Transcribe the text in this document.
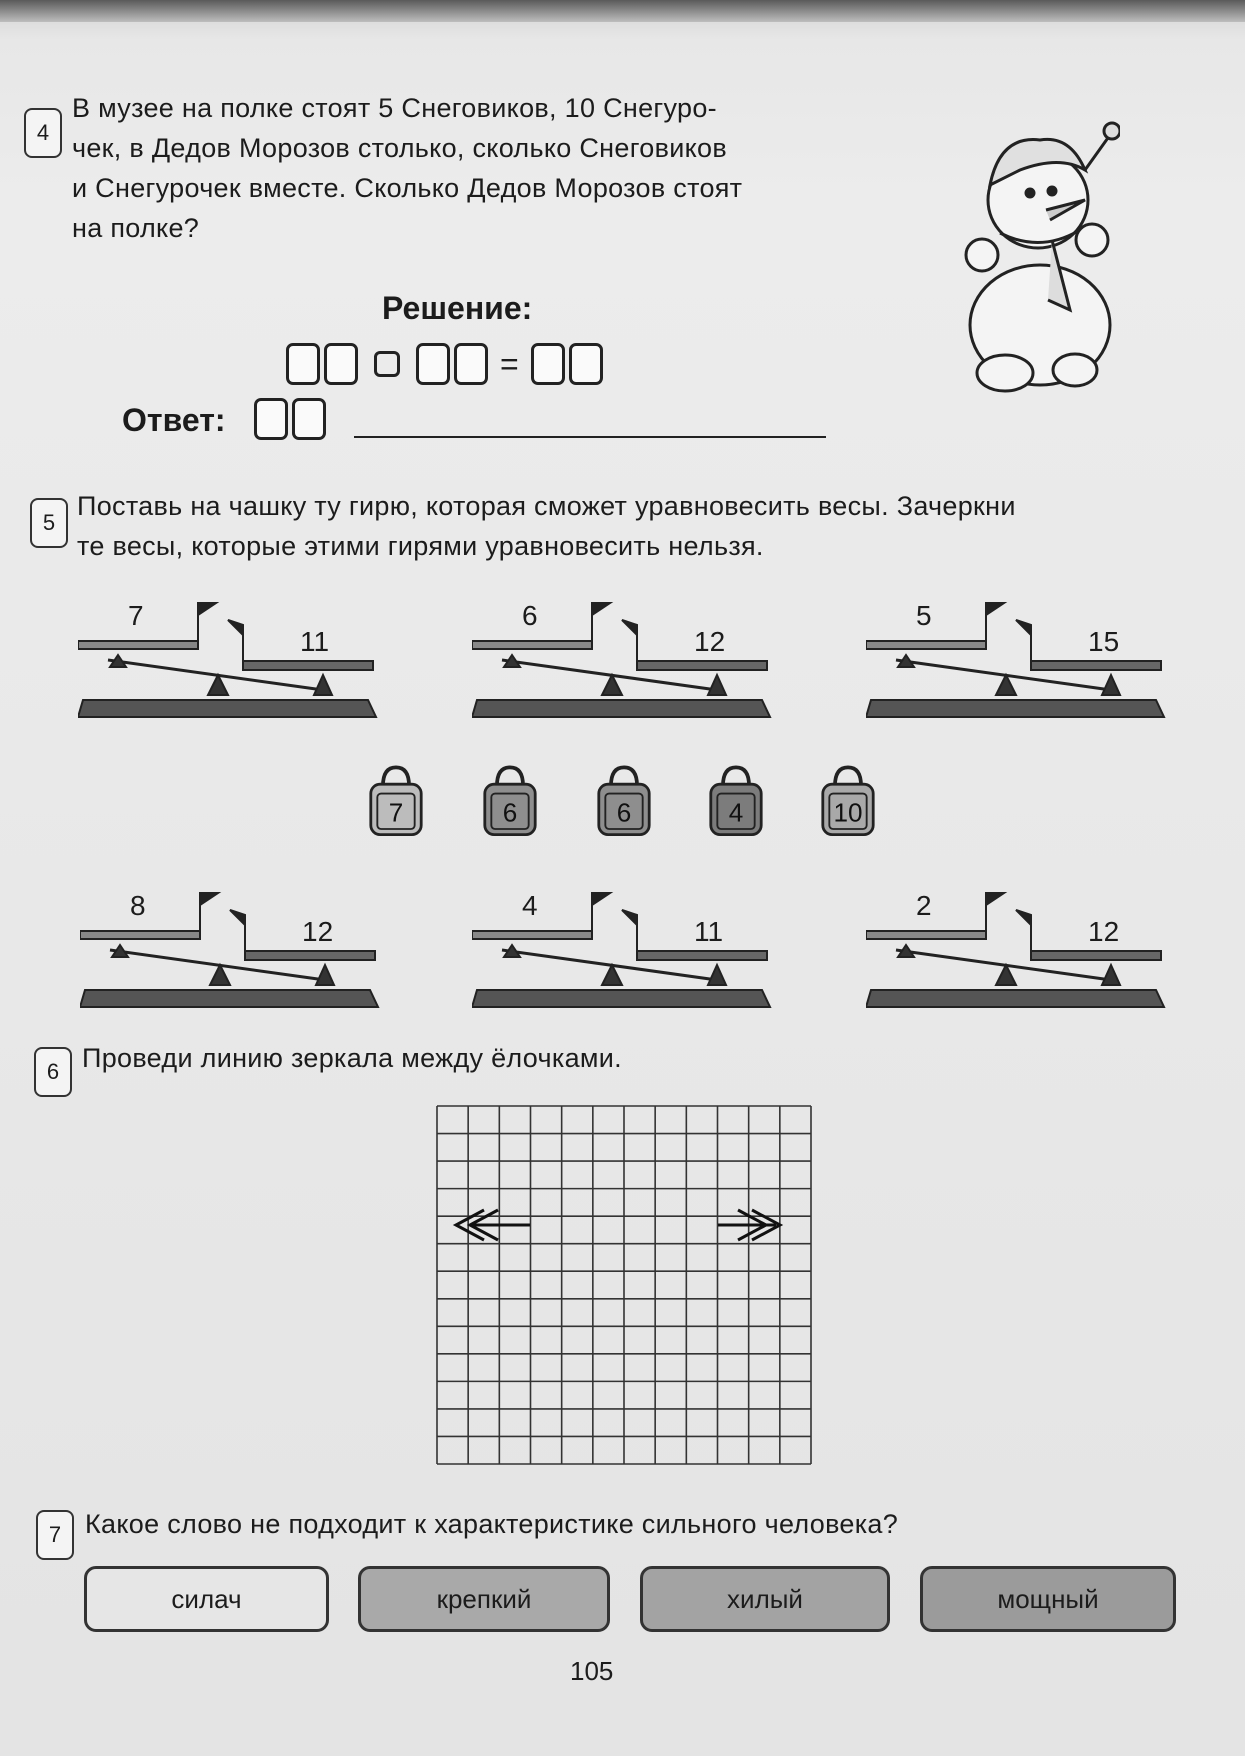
4
В музее на полке стоят 5 Снеговиков, 10 Снегуро-
чек, в Дедов Морозов столько, сколько Снеговиков
и Снегурочек вместе. Сколько Дедов Морозов стоят
на полке?
Решение:
=
Ответ:
5
Поставь на чашку ту гирю, которая сможет уравновесить весы. Зачеркни
те весы, которые этими гирями уравновесить нельзя.
7
11
6
12
5
15
8
12
4
11
2
12
7	6	6	4	10
6 Проведи линию зеркала между ёлочками.
7 Какое слово не подходит к характеристике сильного человека?
силач	крепкий	хилый	мощный
105
